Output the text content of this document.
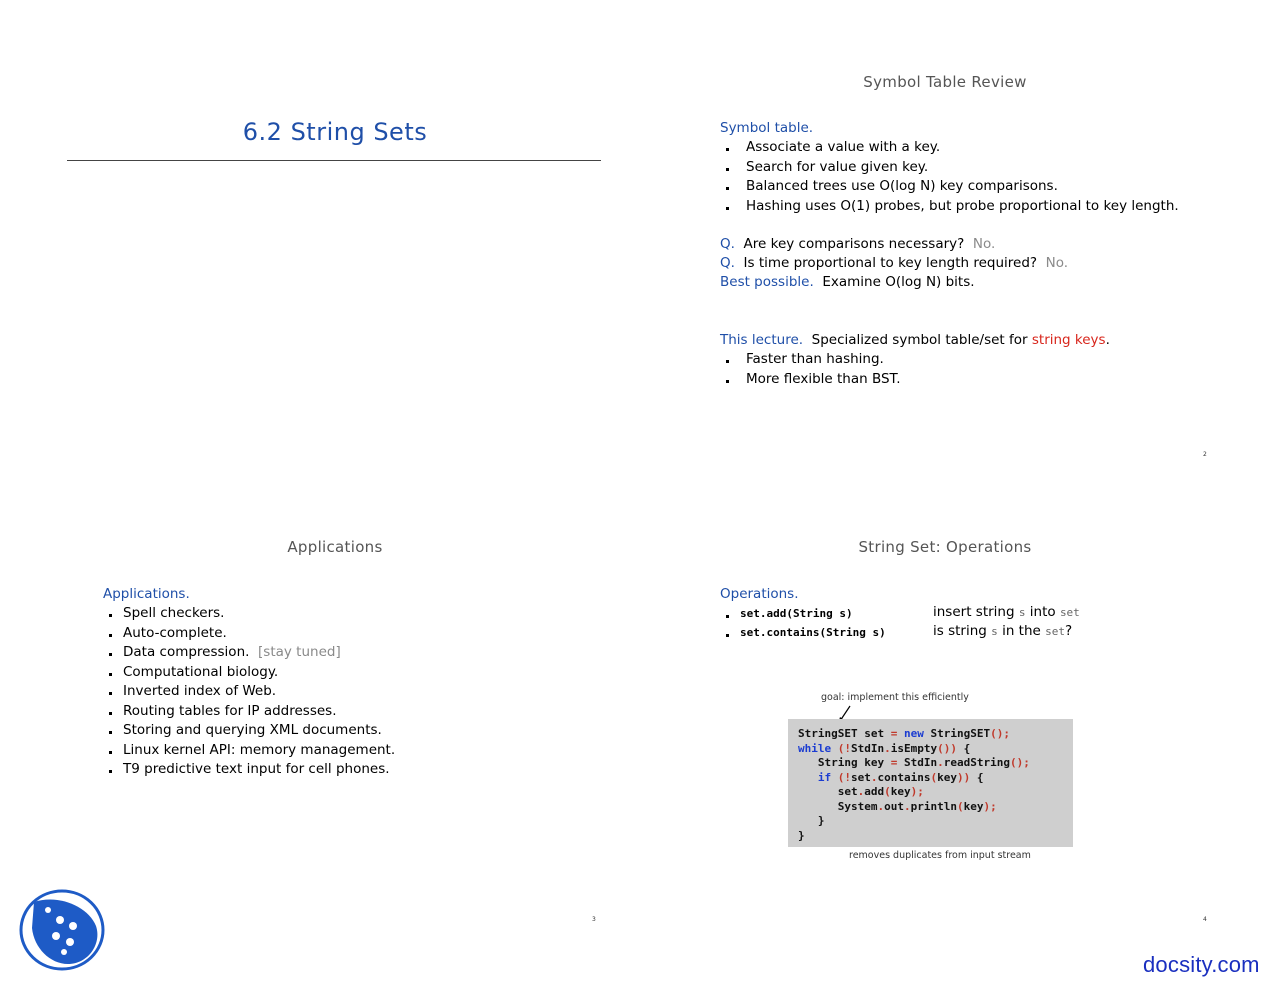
6.2 String Sets
Symbol Table Review
Symbol table.
Associate a value with a key.
Search for value given key.
Balanced trees use O(log N) key comparisons.
Hashing uses O(1) probes, but probe proportional to key length.
Q. Are key comparisons necessary? No.
Q. Is time proportional to key length required? No.
Best possible. Examine O(log N) bits.
This lecture. Specialized symbol table/set for string keys.
Faster than hashing.
More flexible than BST.
2
Applications
Applications.
Spell checkers.
Auto-complete.
Data compression. [stay tuned]
Computational biology.
Inverted index of Web.
Routing tables for IP addresses.
Storing and querying XML documents.
Linux kernel API: memory management.
T9 predictive text input for cell phones.
3
String Set: Operations
Operations.
set.add(String s)	insert string s into set
set.contains(String s)	is string s in the set?
goal: implement this efficiently
StringSET set = new StringSET();
while (!StdIn.isEmpty()) {
String key = StdIn.readString();
if (!set.contains(key)) {
set.add(key);
System.out.println(key);
}
}
removes duplicates from input stream
4
docsity.com
